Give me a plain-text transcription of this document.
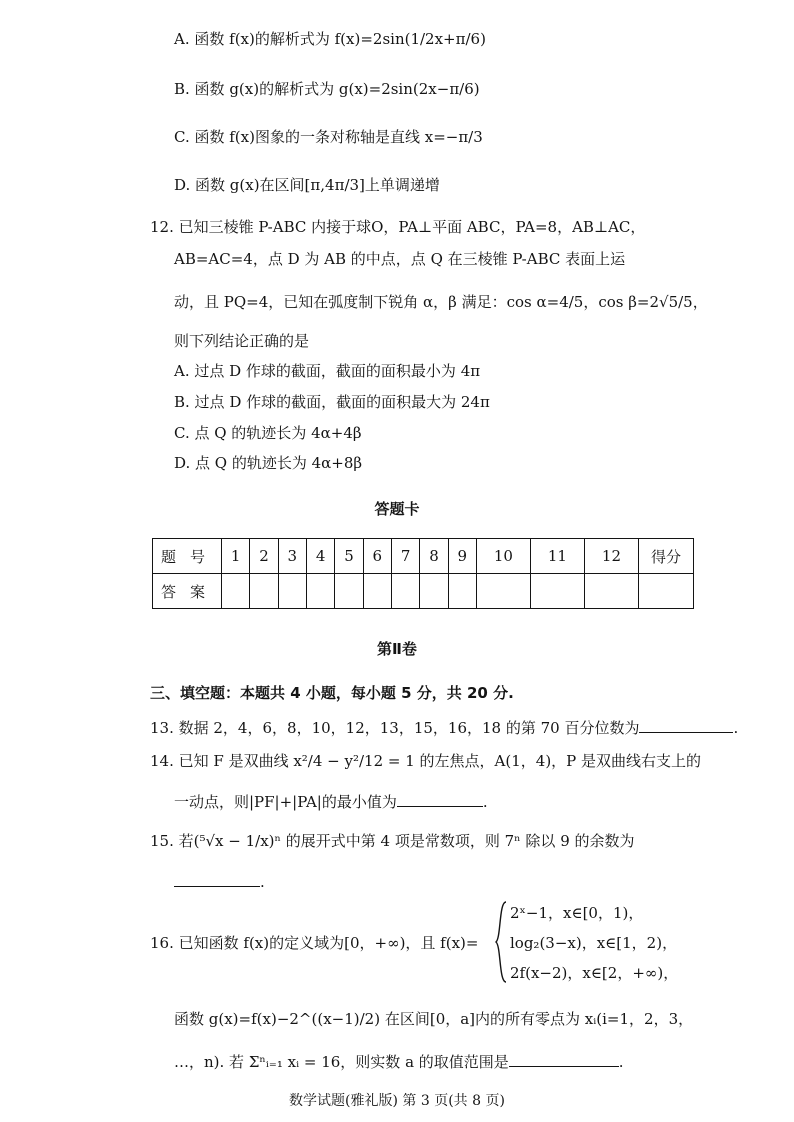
A. 函数 f(x)的解析式为 f(x)=2sin(1/2x+π/6)
B. 函数 g(x)的解析式为 g(x)=2sin(2x−π/6)
C. 函数 f(x)图象的一条对称轴是直线 x=−π/3
D. 函数 g(x)在区间[π,4π/3]上单调递增
12. 已知三棱锥 P-ABC 内接于球O，PA⊥平面 ABC，PA=8，AB⊥AC，
AB=AC=4，点 D 为 AB 的中点，点 Q 在三棱锥 P-ABC 表面上运
动，且 PQ=4，已知在弧度制下锐角 α，β 满足：cos α=4/5，cos β=2√5/5，
则下列结论正确的是
A. 过点 D 作球的截面，截面的面积最小为 4π
B. 过点 D 作球的截面，截面的面积最大为 24π
C. 点 Q 的轨迹长为 4α+4β
D. 点 Q 的轨迹长为 4α+8β
答题卡
题号	1	2	3	4	5	6	7	8	9	10	11	12	得分
答案													
第Ⅱ卷
三、填空题：本题共 4 小题，每小题 5 分，共 20 分.
13. 数据 2，4，6，8，10，12，13，15，16，18 的第 70 百分位数为	.
14. 已知 F 是双曲线 x²/4 − y²/12 = 1 的左焦点，A(1，4)，P 是双曲线右支上的
一动点，则|PF|+|PA|的最小值为	.
15. 若(⁵√x − 1/x)ⁿ 的展开式中第 4 项是常数项，则 7ⁿ 除以 9 的余数为
.
16. 已知函数 f(x)的定义域为[0，+∞)，且 f(x)=
2ˣ−1，x∈[0，1)，
log₂(3−x)，x∈[1，2)，
2f(x−2)，x∈[2，+∞)，
函数 g(x)=f(x)−2^((x−1)/2) 在区间[0，a]内的所有零点为 xᵢ(i=1，2，3，
…，n). 若 Σⁿᵢ₌₁ xᵢ = 16，则实数 a 的取值范围是	.
数学试题(雅礼版) 第 3 页(共 8 页)
